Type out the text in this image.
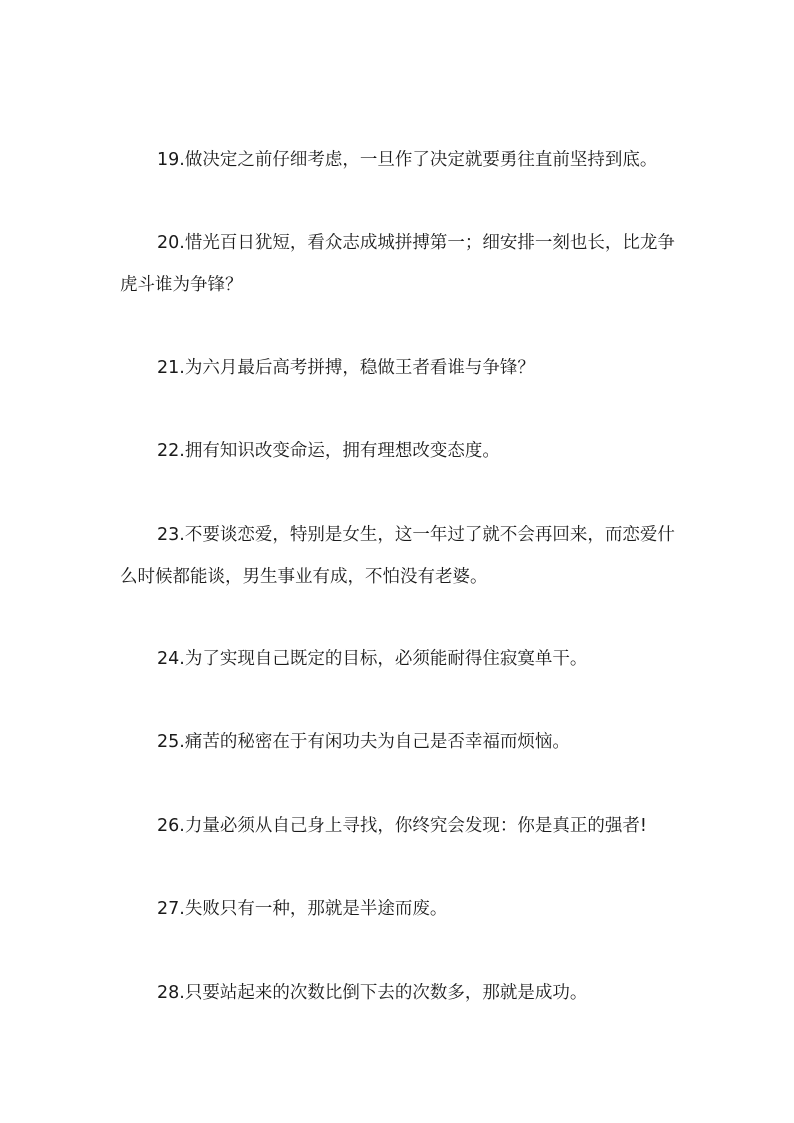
19.做决定之前仔细考虑，一旦作了决定就要勇往直前坚持到底。

20.惜光百日犹短，看众志成城拼搏第一；细安排一刻也长，比龙争虎斗谁为争锋？

21.为六月最后高考拼搏，稳做王者看谁与争锋？

22.拥有知识改变命运，拥有理想改变态度。

23.不要谈恋爱，特别是女生，这一年过了就不会再回来，而恋爱什么时候都能谈，男生事业有成，不怕没有老婆。

24.为了实现自己既定的目标，必须能耐得住寂寞单干。

25.痛苦的秘密在于有闲功夫为自己是否幸福而烦恼。

26.力量必须从自己身上寻找，你终究会发现：你是真正的强者!

27.失败只有一种，那就是半途而废。

28.只要站起来的次数比倒下去的次数多，那就是成功。
